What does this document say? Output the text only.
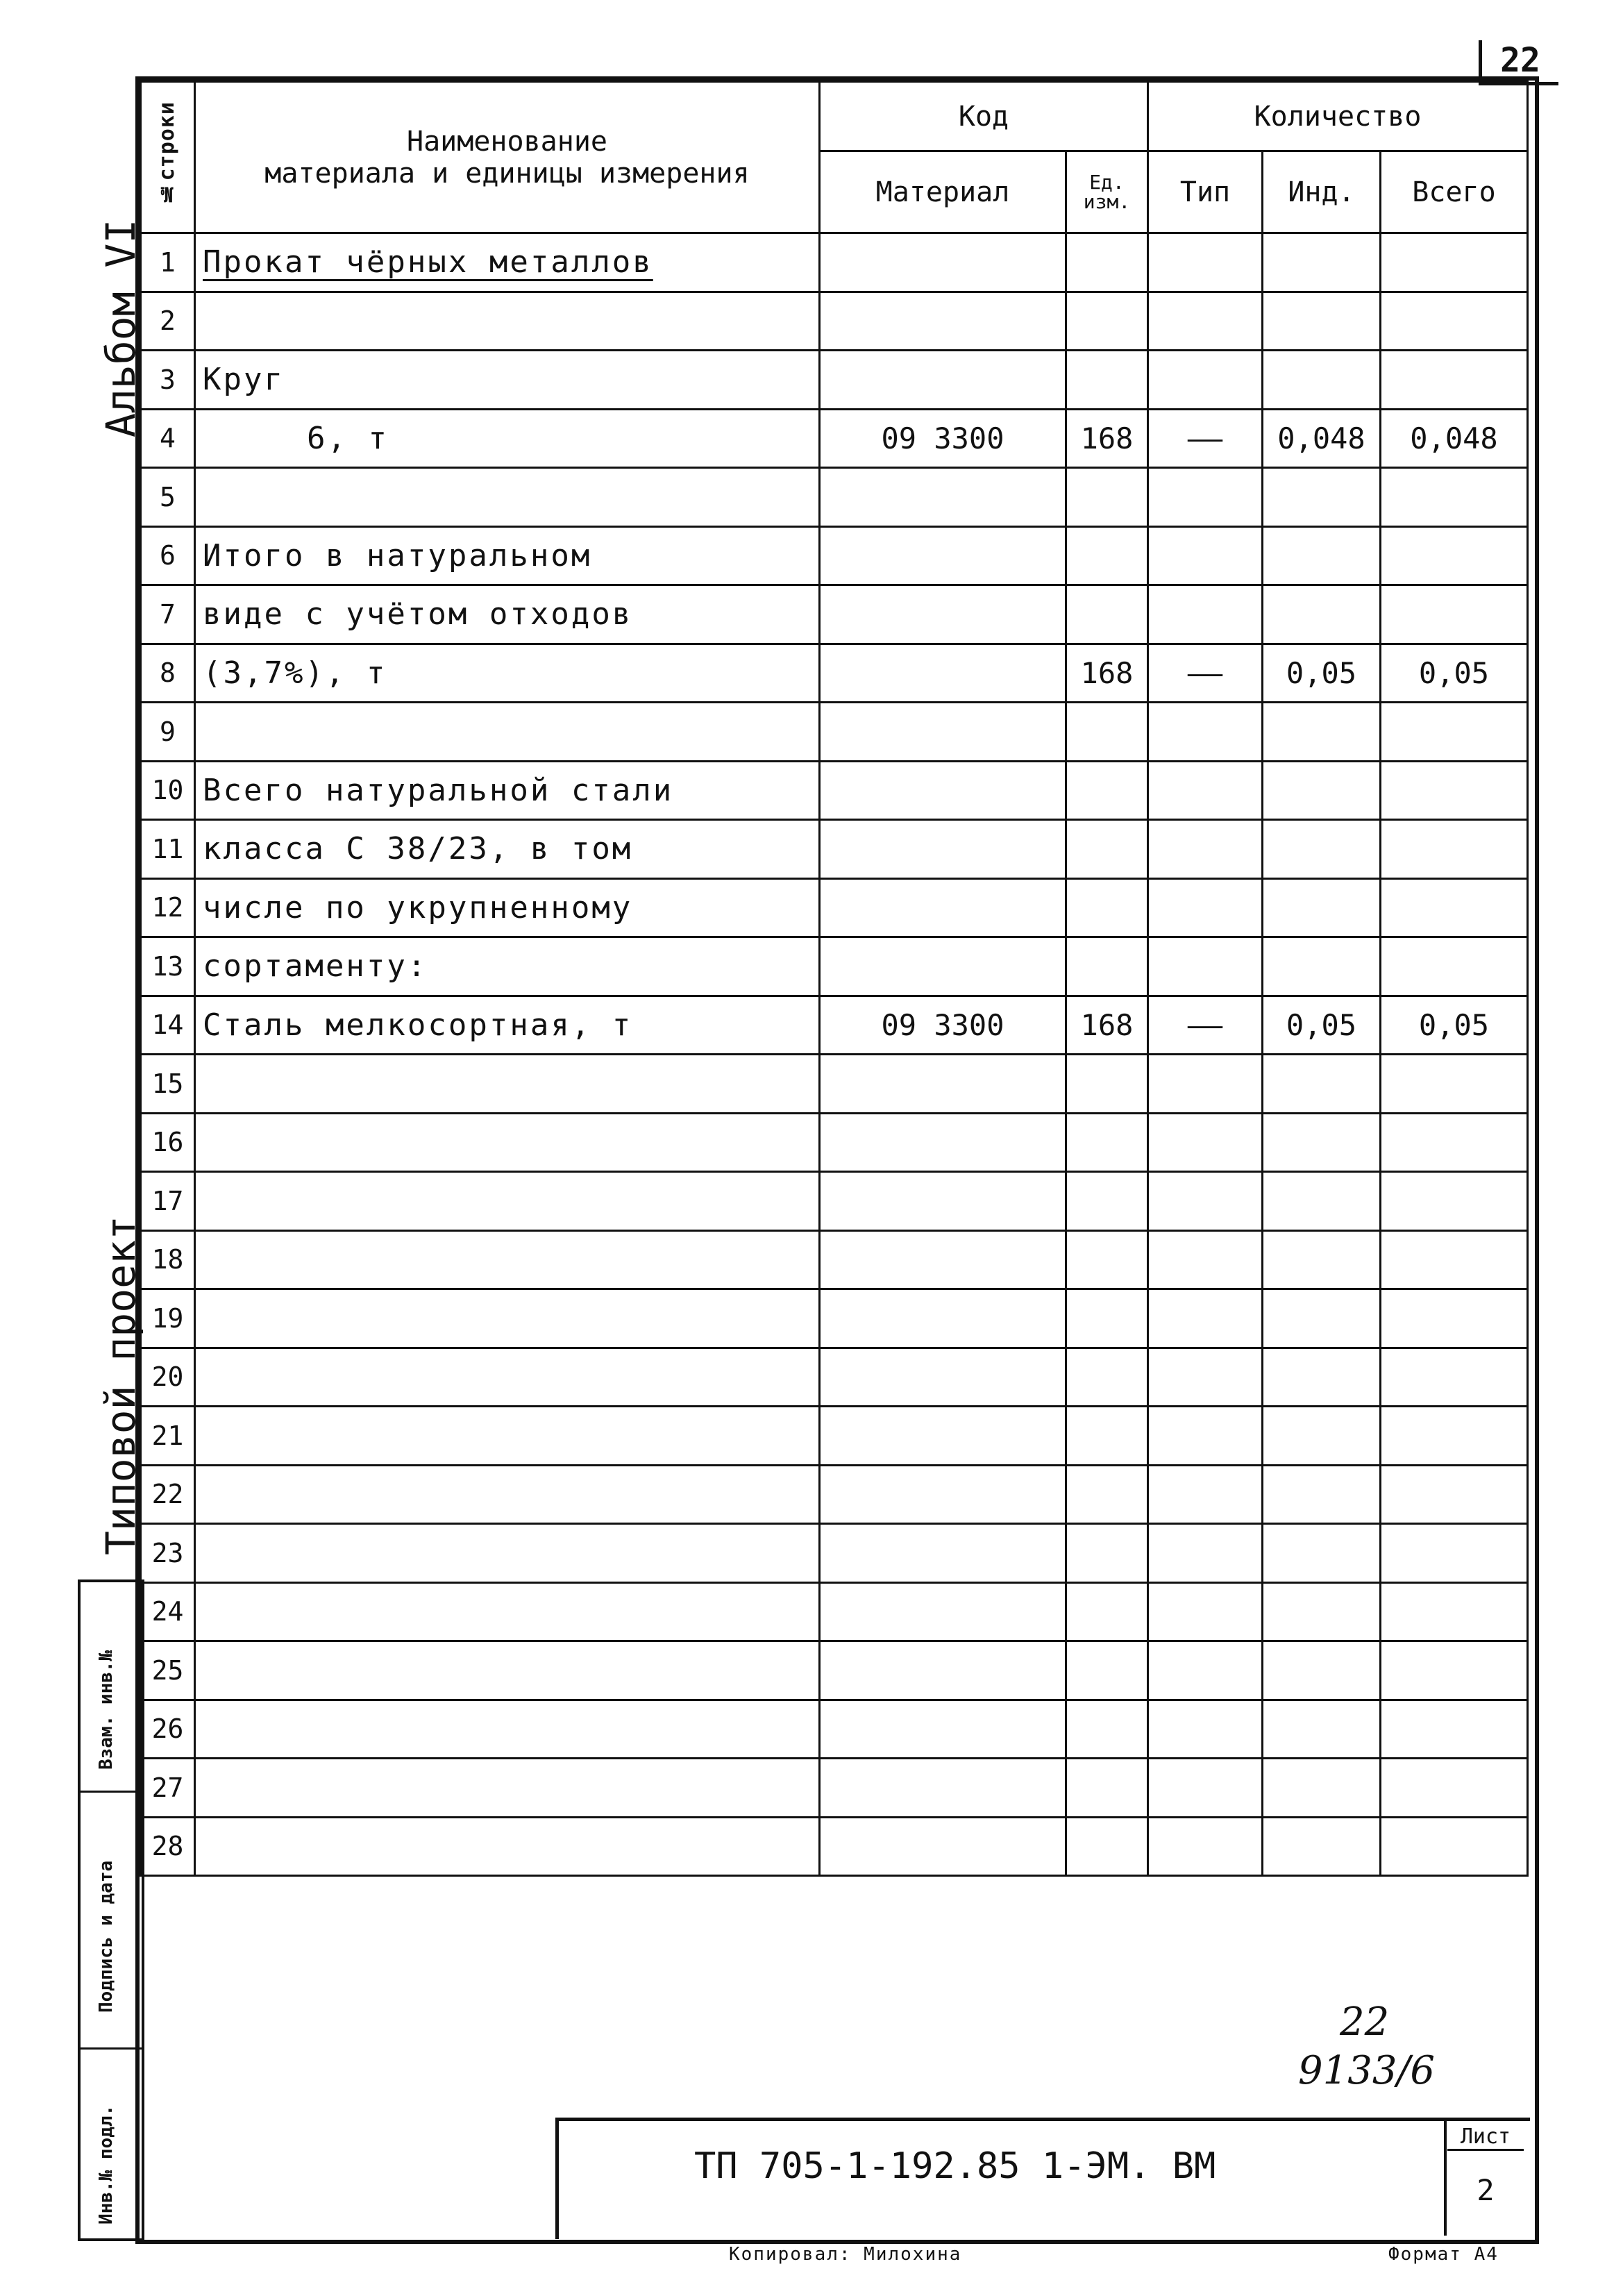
22
Альбом VI
Типовой проект
№строки	Наименование
материала и единицы измерения	Код		Количество		
		Материал	Ед. изм.	Тип	Инд.	Всего
1	Прокат чёрных металлов					
2						
3	Круг					
4	6, т	09 3300	168	——	0,048	0,048
5						
6	Итого в натуральном					
7	виде с учётом отходов					
8	(3,7%), т		168	——	0,05	0,05
9						
10	Всего натуральной стали					
11	класса С 38/23, в том					
12	числе по укрупненному					
13	сортаменту:					
14	Сталь мелкосортная, т	09 3300	168	——	0,05	0,05
15						
16						
17						
18						
19						
20						
21						
22						
23						
24						
25						
26						
27						
28						
Взам. инв.№
Подпись и дата
Инв.№ подл.
22
9133/6
ТП 705-1-192.85 1-ЭМ. ВМ
Лист
2
Копировал: Милохина	Формат А4
